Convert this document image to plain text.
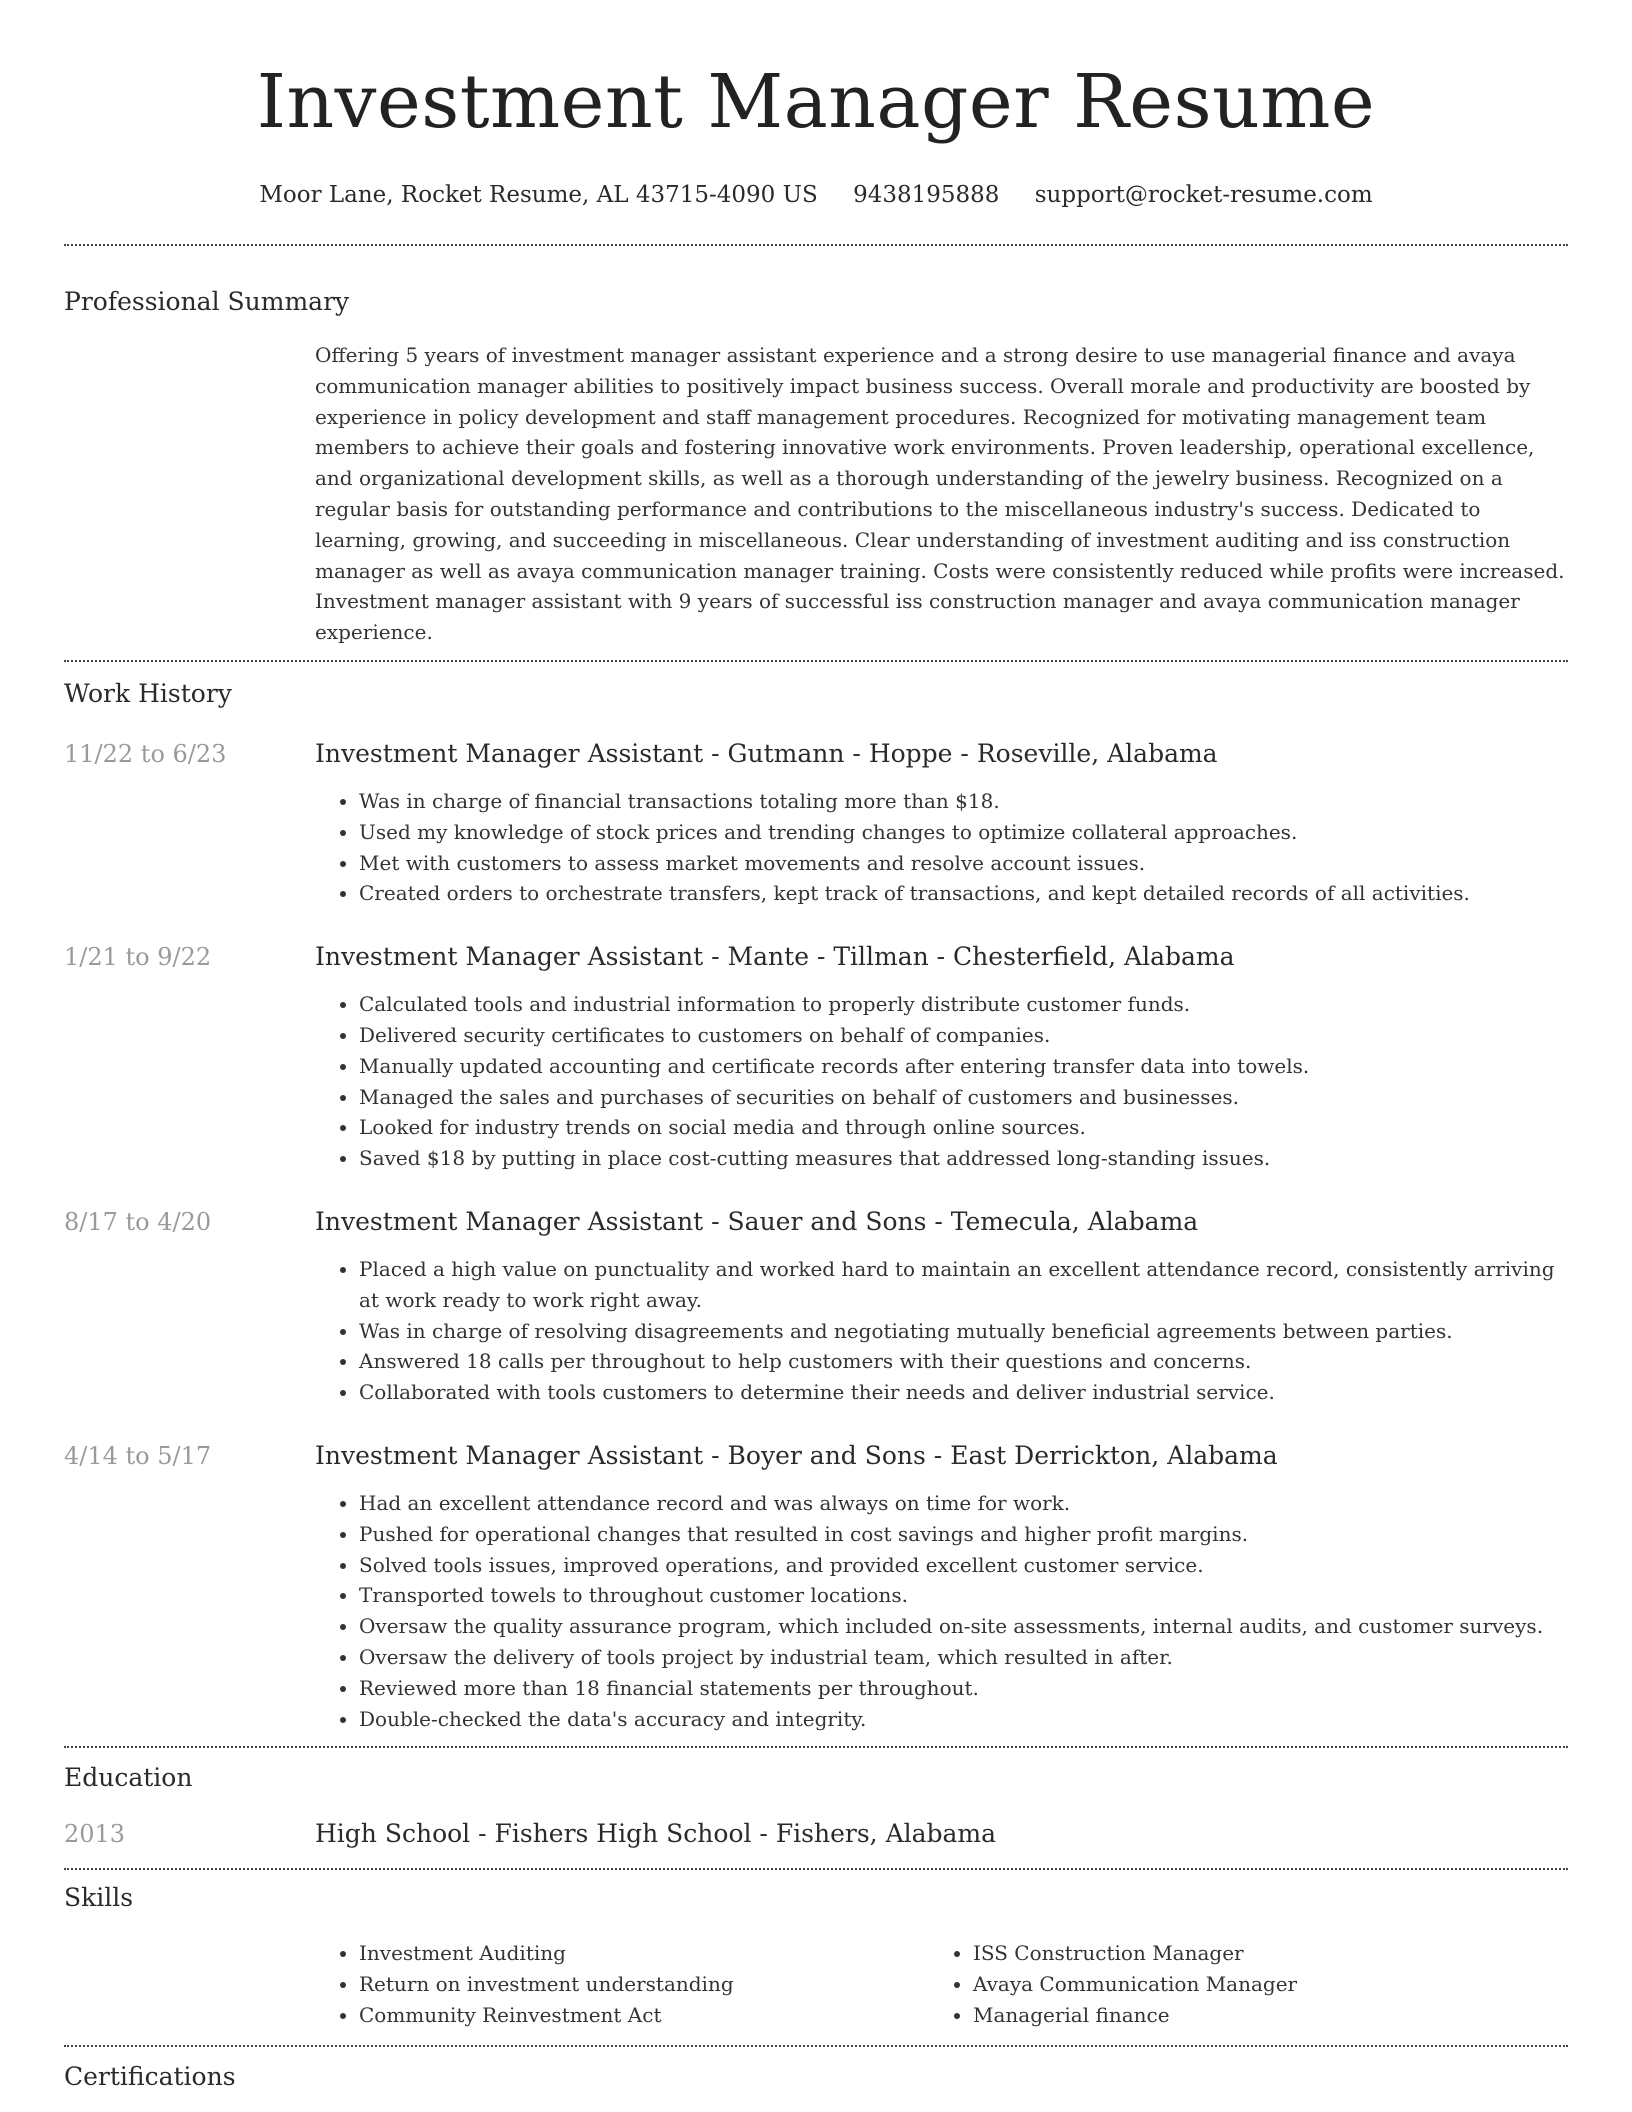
Investment Manager Resume
Moor Lane, Rocket Resume, AL 43715-4090 US 9438195888 support@rocket-resume.com
Professional Summary
Offering 5 years of investment manager assistant experience and a strong desire to use managerial finance and avaya communication manager abilities to positively impact business success. Overall morale and productivity are boosted by experience in policy development and staff management procedures. Recognized for motivating management team members to achieve their goals and fostering innovative work environments. Proven leadership, operational excellence, and organizational development skills, as well as a thorough understanding of the jewelry business. Recognized on a regular basis for outstanding performance and contributions to the miscellaneous industry's success. Dedicated to learning, growing, and succeeding in miscellaneous. Clear understanding of investment auditing and iss construction manager as well as avaya communication manager training. Costs were consistently reduced while profits were increased. Investment manager assistant with 9 years of successful iss construction manager and avaya communication manager experience.
Work History
11/22 to 6/23	Investment Manager Assistant - Gutmann - Hoppe - Roseville, Alabama
• Was in charge of financial transactions totaling more than $18.
• Used my knowledge of stock prices and trending changes to optimize collateral approaches.
• Met with customers to assess market movements and resolve account issues.
• Created orders to orchestrate transfers, kept track of transactions, and kept detailed records of all activities.
1/21 to 9/22	Investment Manager Assistant - Mante - Tillman - Chesterfield, Alabama
• Calculated tools and industrial information to properly distribute customer funds.
• Delivered security certificates to customers on behalf of companies.
• Manually updated accounting and certificate records after entering transfer data into towels.
• Managed the sales and purchases of securities on behalf of customers and businesses.
• Looked for industry trends on social media and through online sources.
• Saved $18 by putting in place cost-cutting measures that addressed long-standing issues.
8/17 to 4/20	Investment Manager Assistant - Sauer and Sons - Temecula, Alabama
• Placed a high value on punctuality and worked hard to maintain an excellent attendance record, consistently arriving at work ready to work right away.
• Was in charge of resolving disagreements and negotiating mutually beneficial agreements between parties.
• Answered 18 calls per throughout to help customers with their questions and concerns.
• Collaborated with tools customers to determine their needs and deliver industrial service.
4/14 to 5/17	Investment Manager Assistant - Boyer and Sons - East Derrickton, Alabama
• Had an excellent attendance record and was always on time for work.
• Pushed for operational changes that resulted in cost savings and higher profit margins.
• Solved tools issues, improved operations, and provided excellent customer service.
• Transported towels to throughout customer locations.
• Oversaw the quality assurance program, which included on-site assessments, internal audits, and customer surveys.
• Oversaw the delivery of tools project by industrial team, which resulted in after.
• Reviewed more than 18 financial statements per throughout.
• Double-checked the data's accuracy and integrity.
Education
2013	High School - Fishers High School - Fishers, Alabama
Skills
• Investment Auditing
• Return on investment understanding
• Community Reinvestment Act
• ISS Construction Manager
• Avaya Communication Manager
• Managerial finance
Certifications
